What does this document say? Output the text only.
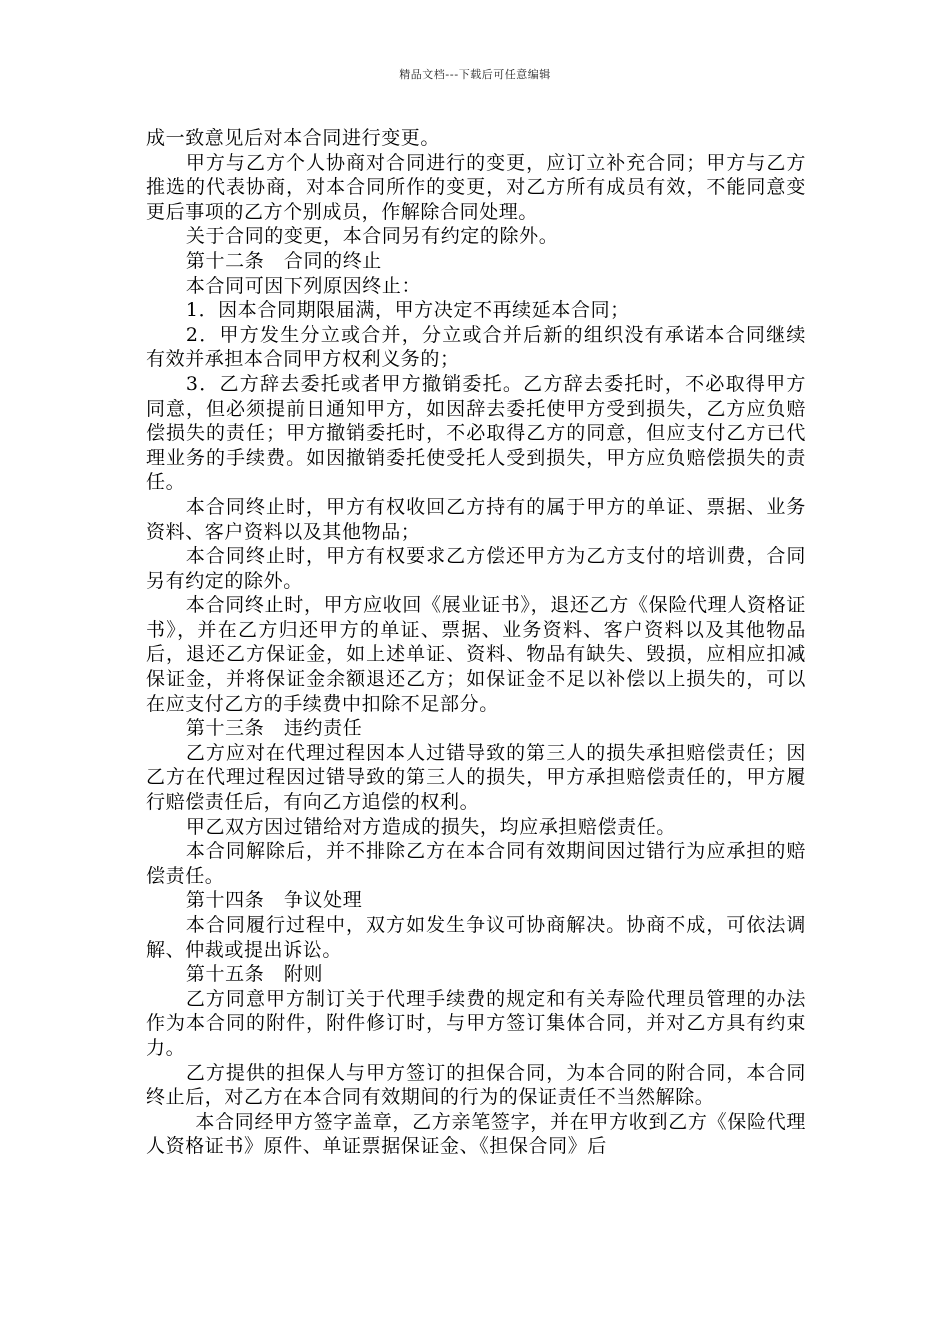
精品文档---下载后可任意编辑

成一致意见后对本合同进行变更。

甲方与乙方个人协商对合同进行的变更，应订立补充合同；甲方与乙方推选的代表协商，对本合同所作的变更，对乙方所有成员有效，不能同意变更后事项的乙方个别成员，作解除合同处理。

关于合同的变更，本合同另有约定的除外。

第十二条　合同的终止

本合同可因下列原因终止：

1．因本合同期限届满，甲方决定不再续延本合同；

2．甲方发生分立或合并，分立或合并后新的组织没有承诺本合同继续有效并承担本合同甲方权利义务的；

3．乙方辞去委托或者甲方撤销委托。乙方辞去委托时，不必取得甲方同意，但必须提前日通知甲方，如因辞去委托使甲方受到损失，乙方应负赔偿损失的责任；甲方撤销委托时，不必取得乙方的同意，但应支付乙方已代理业务的手续费。如因撤销委托使受托人受到损失，甲方应负赔偿损失的责任。

本合同终止时，甲方有权收回乙方持有的属于甲方的单证、票据、业务资料、客户资料以及其他物品；

本合同终止时，甲方有权要求乙方偿还甲方为乙方支付的培训费，合同另有约定的除外。

本合同终止时，甲方应收回《展业证书》，退还乙方《保险代理人资格证书》，并在乙方归还甲方的单证、票据、业务资料、客户资料以及其他物品后，退还乙方保证金，如上述单证、资料、物品有缺失、毁损，应相应扣减保证金，并将保证金余额退还乙方；如保证金不足以补偿以上损失的，可以在应支付乙方的手续费中扣除不足部分。

第十三条　违约责任

乙方应对在代理过程因本人过错导致的第三人的损失承担赔偿责任；因乙方在代理过程因过错导致的第三人的损失，甲方承担赔偿责任的，甲方履行赔偿责任后，有向乙方追偿的权利。

甲乙双方因过错给对方造成的损失，均应承担赔偿责任。

本合同解除后，并不排除乙方在本合同有效期间因过错行为应承担的赔偿责任。

第十四条　争议处理

本合同履行过程中，双方如发生争议可协商解决。协商不成，可依法调解、仲裁或提出诉讼。

第十五条　附则

乙方同意甲方制订关于代理手续费的规定和有关寿险代理员管理的办法作为本合同的附件，附件修订时，与甲方签订集体合同，并对乙方具有约束力。

乙方提供的担保人与甲方签订的担保合同，为本合同的附合同，本合同终止后，对乙方在本合同有效期间的行为的保证责任不当然解除。

本合同经甲方签字盖章，乙方亲笔签字，并在甲方收到乙方《保险代理人资格证书》原件、单证票据保证金、《担保合同》后
